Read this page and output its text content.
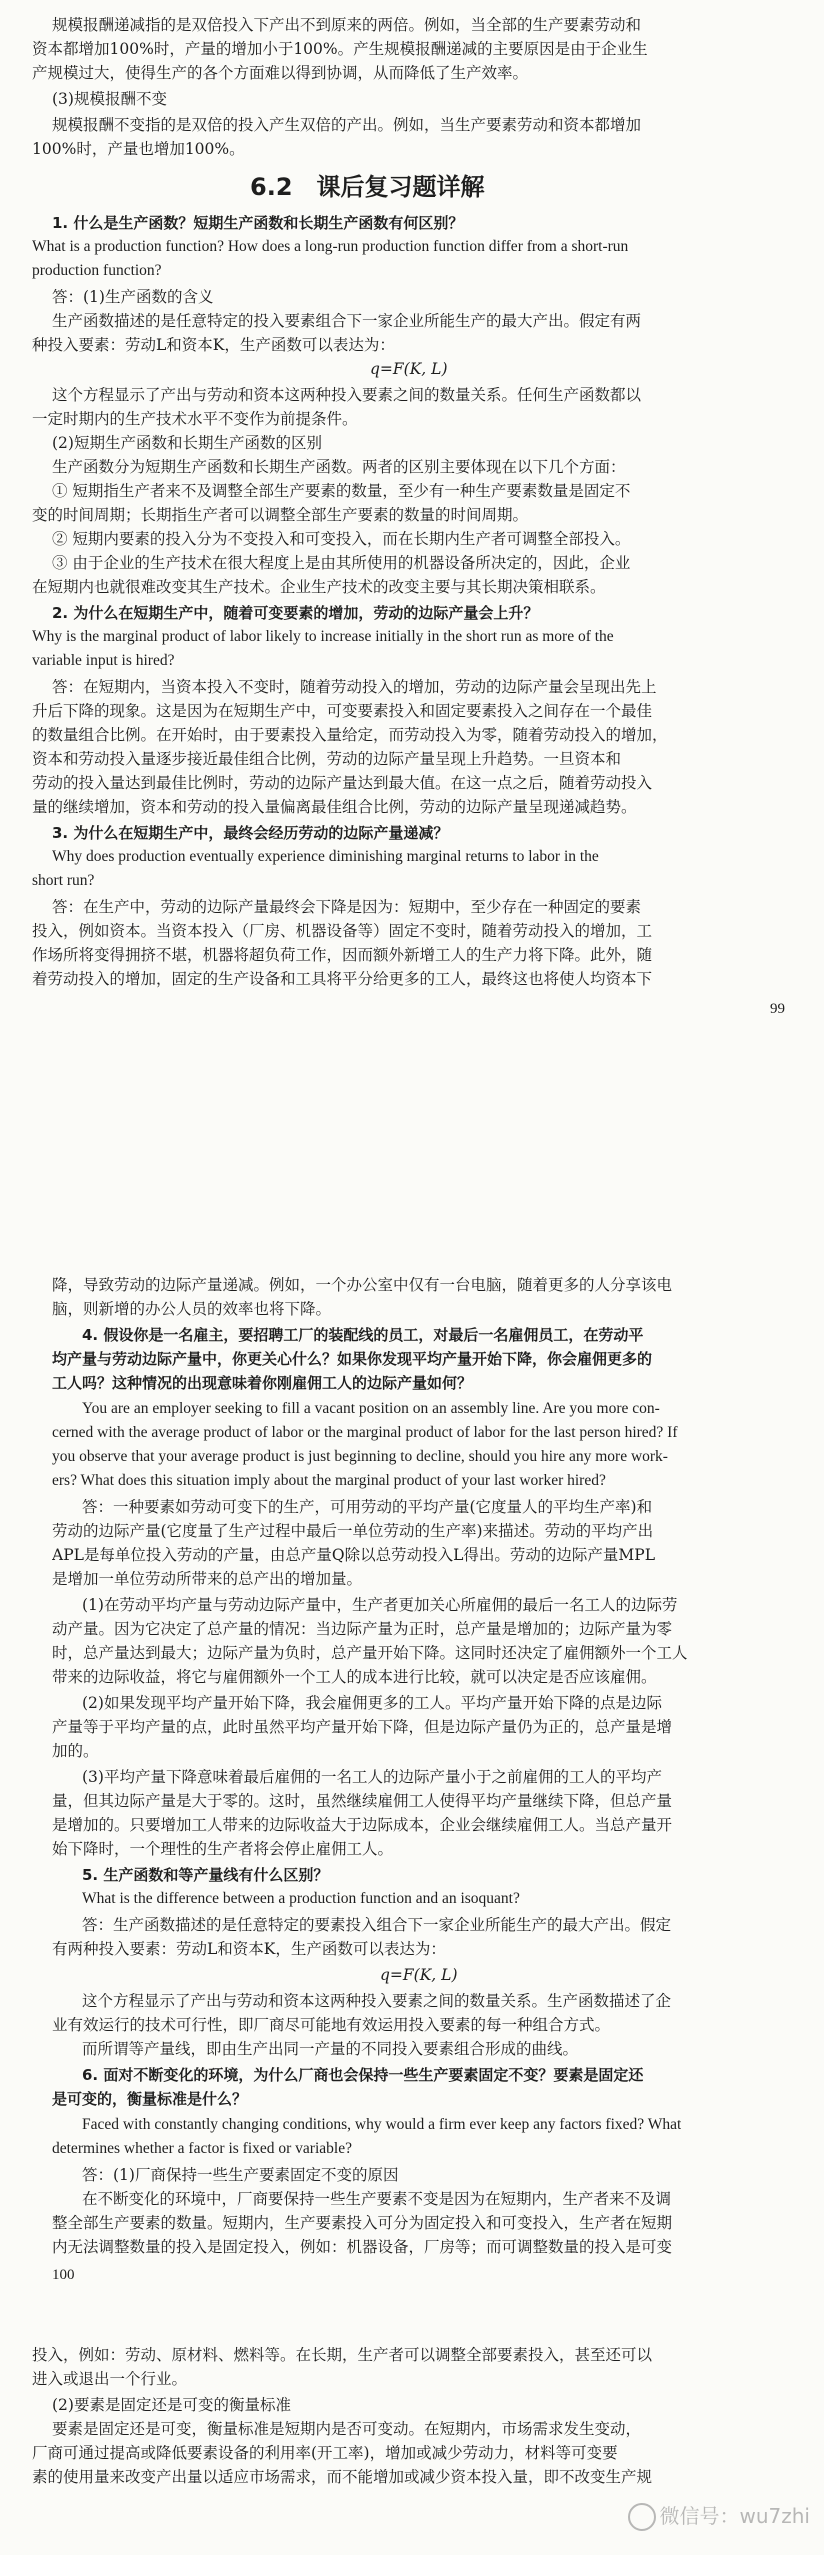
规模报酬递减指的是双倍投入下产出不到原来的两倍。例如，当全部的生产要素劳动和
资本都增加100%时，产量的增加小于100%。产生规模报酬递减的主要原因是由于企业生
产规模过大，使得生产的各个方面难以得到协调，从而降低了生产效率。
(3)规模报酬不变
规模报酬不变指的是双倍的投入产生双倍的产出。例如，当生产要素劳动和资本都增加
100%时，产量也增加100%。
6.2　课后复习题详解
1. 什么是生产函数？短期生产函数和长期生产函数有何区别？
What is a production function? How does a long-run production function differ from a short-run
production function?
答：(1)生产函数的含义
生产函数描述的是任意特定的投入要素组合下一家企业所能生产的最大产出。假定有两
种投入要素：劳动L和资本K，生产函数可以表达为：
q=F(K, L)
这个方程显示了产出与劳动和资本这两种投入要素之间的数量关系。任何生产函数都以
一定时期内的生产技术水平不变作为前提条件。
(2)短期生产函数和长期生产函数的区别
生产函数分为短期生产函数和长期生产函数。两者的区别主要体现在以下几个方面：
① 短期指生产者来不及调整全部生产要素的数量，至少有一种生产要素数量是固定不
变的时间周期；长期指生产者可以调整全部生产要素的数量的时间周期。
② 短期内要素的投入分为不变投入和可变投入，而在长期内生产者可调整全部投入。
③ 由于企业的生产技术在很大程度上是由其所使用的机器设备所决定的，因此，企业
在短期内也就很难改变其生产技术。企业生产技术的改变主要与其长期决策相联系。
2. 为什么在短期生产中，随着可变要素的增加，劳动的边际产量会上升？
Why is the marginal product of labor likely to increase initially in the short run as more of the
variable input is hired?
答：在短期内，当资本投入不变时，随着劳动投入的增加，劳动的边际产量会呈现出先上
升后下降的现象。这是因为在短期生产中，可变要素投入和固定要素投入之间存在一个最佳
的数量组合比例。在开始时，由于要素投入量给定，而劳动投入为零，随着劳动投入的增加，
资本和劳动投入量逐步接近最佳组合比例，劳动的边际产量呈现上升趋势。一旦资本和
劳动的投入量达到最佳比例时，劳动的边际产量达到最大值。在这一点之后，随着劳动投入
量的继续增加，资本和劳动的投入量偏离最佳组合比例，劳动的边际产量呈现递减趋势。
3. 为什么在短期生产中，最终会经历劳动的边际产量递减？
Why does production eventually experience diminishing marginal returns to labor in the
short run?
答：在生产中，劳动的边际产量最终会下降是因为：短期中，至少存在一种固定的要素
投入，例如资本。当资本投入（厂房、机器设备等）固定不变时，随着劳动投入的增加，工
作场所将变得拥挤不堪，机器将超负荷工作，因而额外新增工人的生产力将下降。此外，随
着劳动投入的增加，固定的生产设备和工具将平分给更多的工人，最终这也将使人均资本下
99
降，导致劳动的边际产量递减。例如，一个办公室中仅有一台电脑，随着更多的人分享该电
脑，则新增的办公人员的效率也将下降。
4. 假设你是一名雇主，要招聘工厂的装配线的员工，对最后一名雇佣员工，在劳动平
均产量与劳动边际产量中，你更关心什么？如果你发现平均产量开始下降，你会雇佣更多的
工人吗？这种情况的出现意味着你刚雇佣工人的边际产量如何？
You are an employer seeking to fill a vacant position on an assembly line. Are you more con-
cerned with the average product of labor or the marginal product of labor for the last person hired? If
you observe that your average product is just beginning to decline, should you hire any more work-
ers? What does this situation imply about the marginal product of your last worker hired?
答：一种要素如劳动可变下的生产，可用劳动的平均产量(它度量人的平均生产率)和
劳动的边际产量(它度量了生产过程中最后一单位劳动的生产率)来描述。劳动的平均产出
APL是每单位投入劳动的产量，由总产量Q除以总劳动投入L得出。劳动的边际产量MPL
是增加一单位劳动所带来的总产出的增加量。
(1)在劳动平均产量与劳动边际产量中，生产者更加关心所雇佣的最后一名工人的边际劳
动产量。因为它决定了总产量的情况：当边际产量为正时，总产量是增加的；边际产量为零
时，总产量达到最大；边际产量为负时，总产量开始下降。这同时还决定了雇佣额外一个工人
带来的边际收益，将它与雇佣额外一个工人的成本进行比较，就可以决定是否应该雇佣。
(2)如果发现平均产量开始下降，我会雇佣更多的工人。平均产量开始下降的点是边际
产量等于平均产量的点，此时虽然平均产量开始下降，但是边际产量仍为正的，总产量是增
加的。
(3)平均产量下降意味着最后雇佣的一名工人的边际产量小于之前雇佣的工人的平均产
量，但其边际产量是大于零的。这时，虽然继续雇佣工人使得平均产量继续下降，但总产量
是增加的。只要增加工人带来的边际收益大于边际成本，企业会继续雇佣工人。当总产量开
始下降时，一个理性的生产者将会停止雇佣工人。
5. 生产函数和等产量线有什么区别？
What is the difference between a production function and an isoquant?
答：生产函数描述的是任意特定的要素投入组合下一家企业所能生产的最大产出。假定
有两种投入要素：劳动L和资本K，生产函数可以表达为：
q=F(K, L)
这个方程显示了产出与劳动和资本这两种投入要素之间的数量关系。生产函数描述了企
业有效运行的技术可行性，即厂商尽可能地有效运用投入要素的每一种组合方式。
而所谓等产量线，即由生产出同一产量的不同投入要素组合形成的曲线。
6. 面对不断变化的环境，为什么厂商也会保持一些生产要素固定不变？要素是固定还
是可变的，衡量标准是什么？
Faced with constantly changing conditions, why would a firm ever keep any factors fixed? What
determines whether a factor is fixed or variable?
答：(1)厂商保持一些生产要素固定不变的原因
在不断变化的环境中，厂商要保持一些生产要素不变是因为在短期内，生产者来不及调
整全部生产要素的数量。短期内，生产要素投入可分为固定投入和可变投入，生产者在短期
内无法调整数量的投入是固定投入，例如：机器设备，厂房等；而可调整数量的投入是可变
100
投入，例如：劳动、原材料、燃料等。在长期，生产者可以调整全部要素投入，甚至还可以
进入或退出一个行业。
(2)要素是固定还是可变的衡量标准
要素是固定还是可变，衡量标准是短期内是否可变动。在短期内，市场需求发生变动，
厂商可通过提高或降低要素设备的利用率(开工率)，增加或减少劳动力，材料等可变要
素的使用量来改变产出量以适应市场需求，而不能增加或减少资本投入量，即不改变生产规
微信号：wu7zhi
